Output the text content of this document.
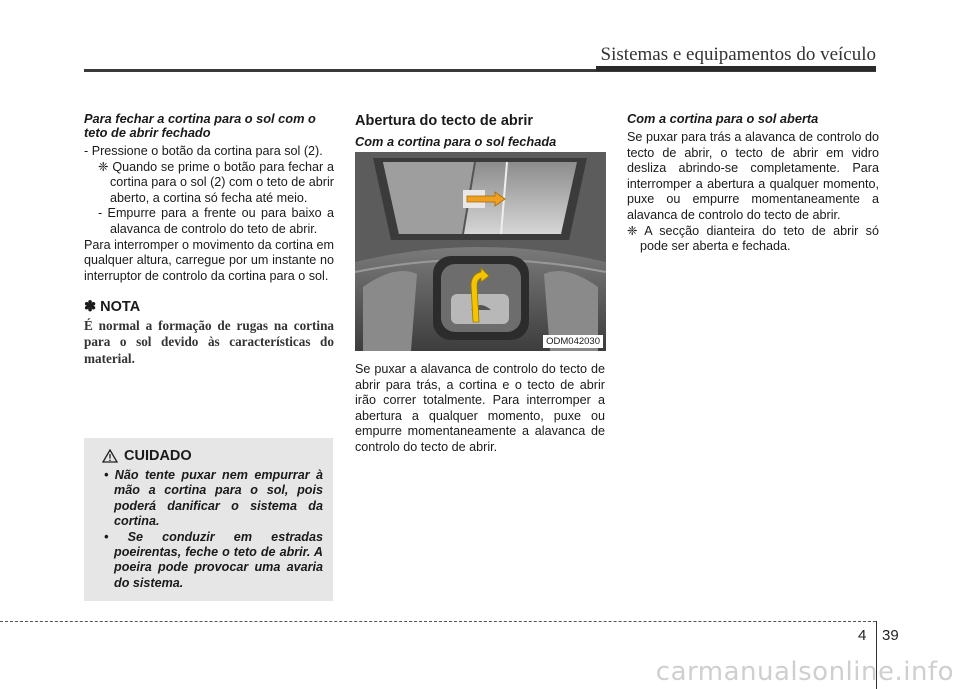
Sistemas e equipamentos do veículo
Para fechar a cortina para o sol com o teto de abrir fechado

- Pressione o botão da cortina para sol (2).

❈ Quando se prime o botão para fechar a cortina para o sol (2) com o teto de abrir aberto, a cortina só fecha até meio.

- Empurre para a frente ou para baixo a alavanca de controlo do teto de abrir.

Para interromper o movimento da cortina em qualquer altura, carregue por um instante no interruptor de controlo da cortina para o sol.

✽ NOTA
É normal a formação de rugas na cortina para o sol devido às características do material.
CUIDADO

• Não tente puxar nem empurrar à mão a cortina para o sol, pois poderá danificar o sistema da cortina.

• Se conduzir em estradas poeirentas, feche o teto de abrir. A poeira pode provocar uma avaria do sistema.

Abertura do tecto de abrir
Com a cortina para o sol fechada
ODM042030

Se puxar a alavanca de controlo do tecto de abrir para trás, a cortina e o tecto de abrir irão correr totalmente. Para interromper a abertura a qualquer momento, puxe ou empurre momentaneamente a alavanca de controlo do tecto de abrir.

Com a cortina para o sol aberta

Se puxar para trás a alavanca de controlo do tecto de abrir, o tecto de abrir em vidro desliza abrindo-se completamente. Para interromper a abertura a qualquer momento, puxe ou empurre momentaneamente a alavanca de controlo do tecto de abrir.

❈ A secção dianteira do teto de abrir só pode ser aberta e fechada.

4 39
carmanualsonline.info
